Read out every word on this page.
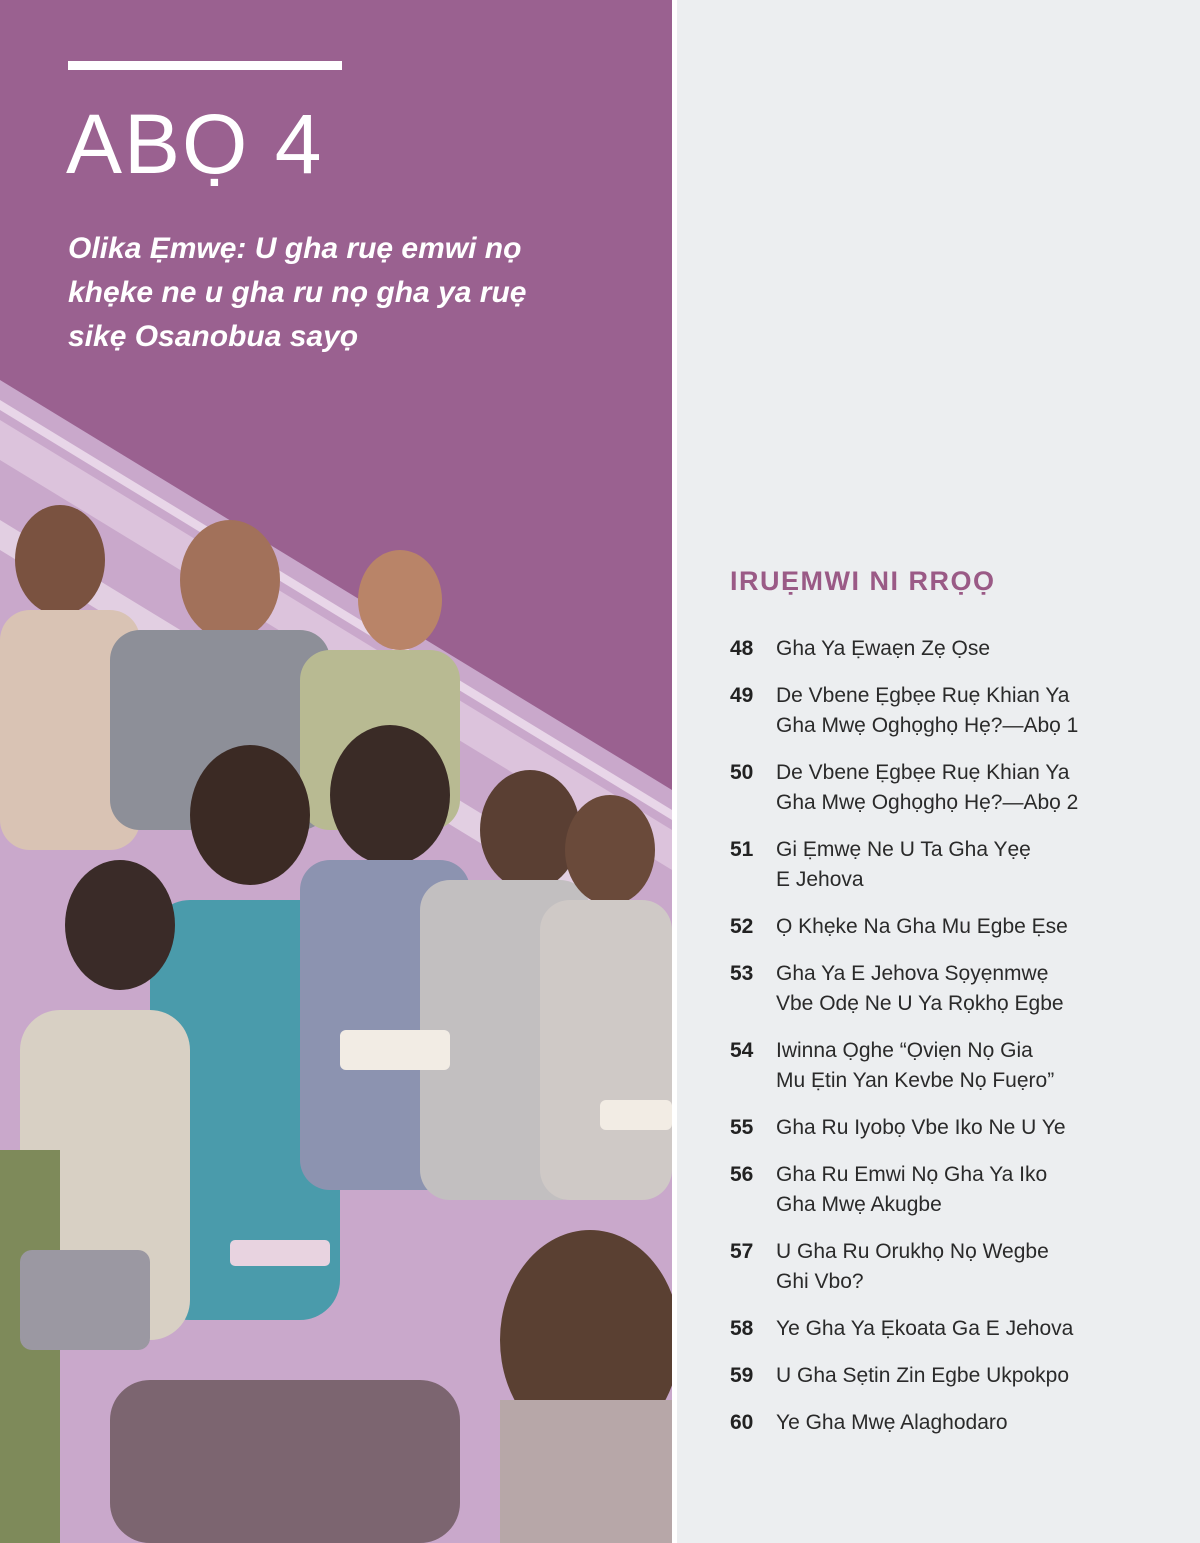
ABỌ 4

Olika Ẹmwẹ: U gha ruẹ emwi nọ khẹke ne u gha ru nọ gha ya ruẹ sikẹ Osanobua sayọ

IRUẸMWI NI RRỌỌ
48	Gha Ya Ẹwaẹn Zẹ Ọse
49	De Vbene Ẹgbẹe Ruẹ Khian Ya
Gha Mwẹ Oghọghọ Hẹ?—Abọ 1
50	De Vbene Ẹgbẹe Ruẹ Khian Ya
Gha Mwẹ Oghọghọ Hẹ?—Abọ 2
51	Gi Ẹmwẹ Ne U Ta Gha Yẹẹ
E Jehova
52	Ọ Khẹke Na Gha Mu Egbe Ẹse
53	Gha Ya E Jehova Sọyẹnmwẹ
Vbe Odẹ Ne U Ya Rọkhọ Egbe
54	Iwinna Ọghe “Ọviẹn Nọ Gia
Mu Ẹtin Yan Kevbe Nọ Fuẹro”
55	Gha Ru Iyobọ Vbe Iko Ne U Ye
56	Gha Ru Emwi Nọ Gha Ya Iko
Gha Mwẹ Akugbe
57	U Gha Ru Orukhọ Nọ Wegbe
Ghi Vbo?
58	Ye Gha Ya Ẹkoata Ga E Jehova
59	U Gha Sẹtin Zin Egbe Ukpokpo
60	Ye Gha Mwẹ Alaghodaro
